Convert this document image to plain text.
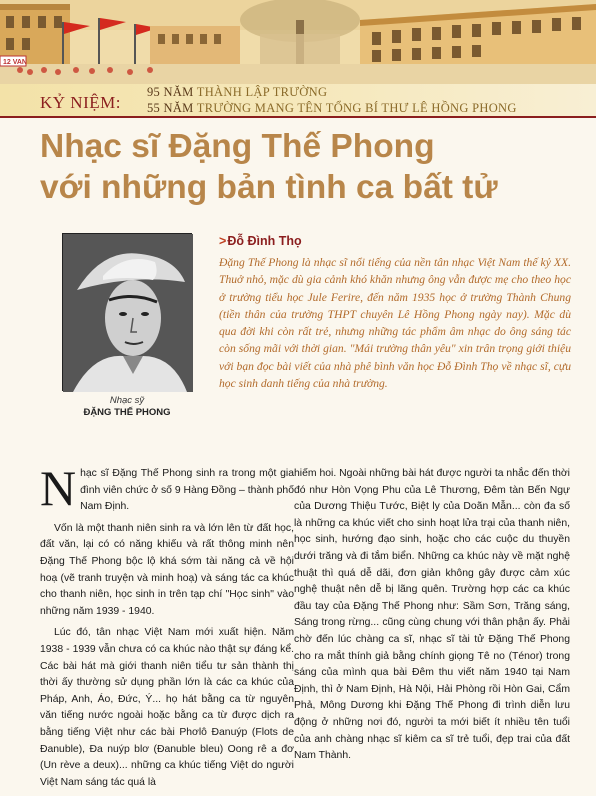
12 VAN
KỶ NIỆM:
95 NĂM THÀNH LẬP TRƯỜNG
55 NĂM TRƯỜNG MANG TÊN TỔNG BÍ THƯ LÊ HỒNG PHONG
Nhạc sĩ Đặng Thế Phong
với những bản tình ca bất tử
Nhạc sỹ
ĐẶNG THẾ PHONG
>Đỗ Đình Thọ
Đặng Thế Phong là nhạc sĩ nổi tiếng của nền tân nhạc Việt Nam thế kỷ XX. Thuở nhỏ, mặc dù gia cảnh khó khăn nhưng ông vẫn được mẹ cho theo học ở trường tiểu học Jule Ferire, đến năm 1935 học ở trường Thành Chung (tiền thân của trường THPT chuyên Lê Hồng Phong ngày nay). Mặc dù qua đời khi còn rất trẻ, nhưng những tác phẩm âm nhạc do ông sáng tác còn sống mãi với thời gian. "Mái trường thân yêu" xin trân trọng giới thiệu với bạn đọc bài viết của nhà phê bình văn học Đỗ Đình Thọ về nhạc sĩ, cựu học sinh danh tiếng của nhà trường.

Nhạc sĩ Đặng Thế Phong sinh ra trong một gia đình viên chức ở số 9 Hàng Đồng – thành phố Nam Định.

Vốn là một thanh niên sinh ra và lớn lên từ đất học, đất văn, lại có có năng khiếu và rất thông minh nên Đặng Thế Phong bộc lộ khá sớm tài năng cả về hội hoạ (vẽ tranh truyện và minh hoạ) và sáng tác ca khúc cho thanh niên, học sinh in trên tạp chí "Học sinh" vào những năm 1939 - 1940.

Lúc đó, tân nhạc Việt Nam mới xuất hiện. Năm 1938 - 1939 vẫn chưa có ca khúc nào thật sự đáng kể. Các bài hát mà giới thanh niên tiểu tư sản thành thị thời ấy thường sử dụng phần lớn là các ca khúc của Pháp, Anh, Áo, Đức, Ý... họ hát bằng ca từ nguyên văn tiếng nước ngoài hoặc bằng ca từ được dịch ra bằng tiếng Việt như các bài Phơlô Đanuýp (Flots de Đanuble), Đa nuýp blơ (Đanuble bleu) Oong rê a đơ (Un rève a deux)... những ca khúc tiếng Việt do người Việt Nam sáng tác quá là

hiếm hoi. Ngoài những bài hát được người ta nhắc đến thời đó như Hòn Vọng Phu của Lê Thương, Đêm tàn Bến Ngự của Dương Thiệu Tước, Biệt ly của Doãn Mẫn... còn đa số là những ca khúc viết cho sinh hoạt lửa trại của thanh niên, học sinh, hướng đạo sinh, hoặc cho các cuộc du thuyền dưới trăng và đi tắm biển. Những ca khúc này về mặt nghệ thuật thì quá dễ dãi, đơn giản không gây được cảm xúc nghệ thuật nên dễ bị lãng quên. Trường hợp các ca khúc đầu tay của Đặng Thế Phong như: Sầm Sơn, Trăng sáng, Sáng trong rừng... cũng cùng chung với thân phận ấy. Phải chờ đến lúc chàng ca sĩ, nhạc sĩ tài tử Đặng Thế Phong cho ra mắt thính giả bằng chính giọng Tê no (Ténor) trong sáng của mình qua bài Đêm thu viết năm 1940 tại Nam Định, thì ở Nam Định, Hà Nội, Hải Phòng rồi Hòn Gai, Cẩm Phả, Mông Dương khi Đặng Thế Phong đi trình diễn lưu động ở những nơi đó, người ta mới biết ít nhiều tên tuổi của anh chàng nhạc sĩ kiêm ca sĩ trẻ tuổi, đẹp trai của đất Nam Thành.
